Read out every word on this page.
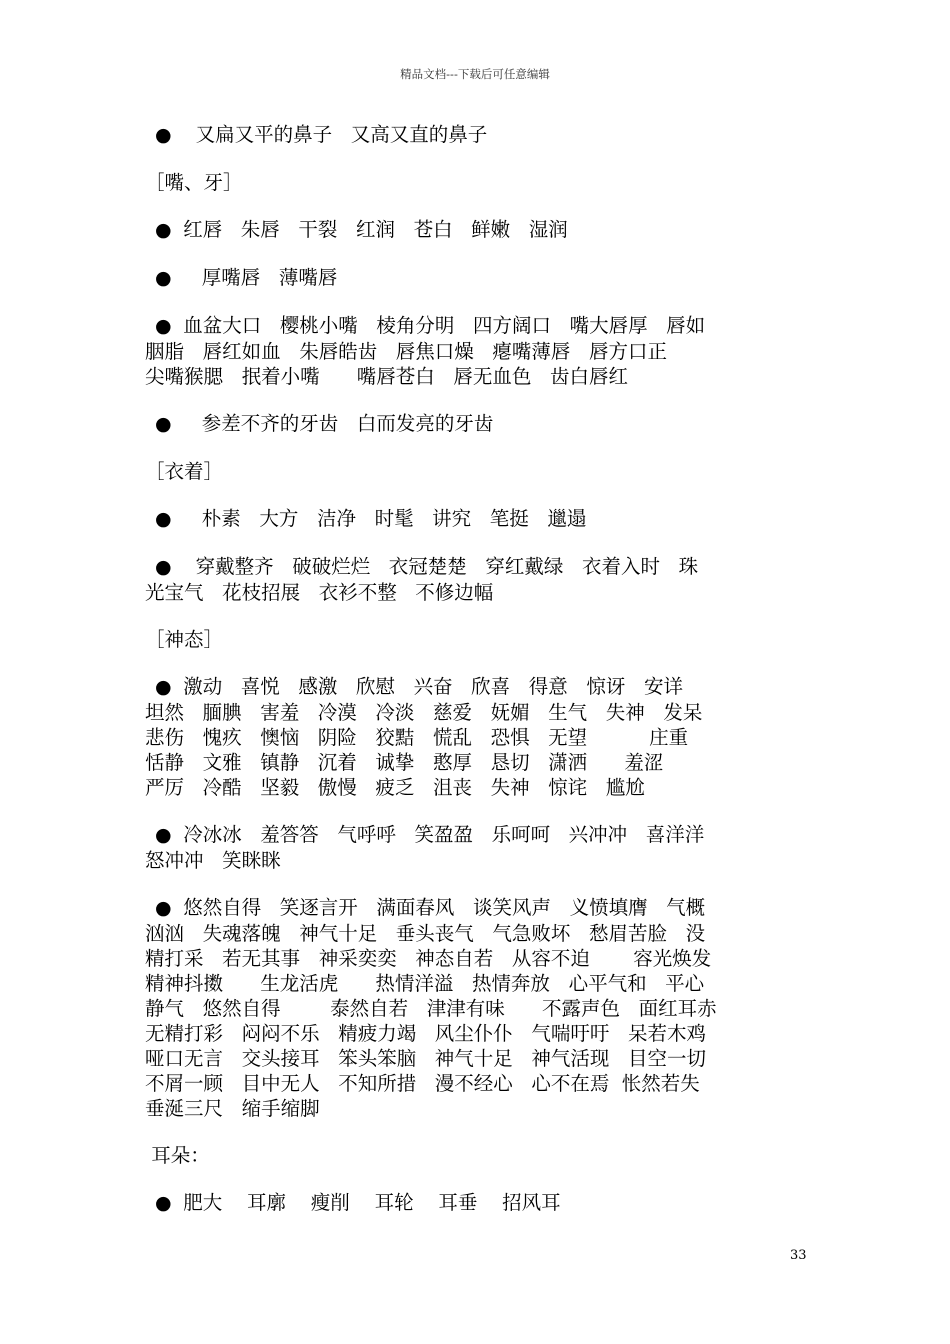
精品文档---下载后可任意编辑
●   又扁又平的鼻子   又高又直的鼻子
［嘴、牙］
● 红唇   朱唇   干裂   红润   苍白   鲜嫩   湿润
●    厚嘴唇   薄嘴唇
● 血盆大口   樱桃小嘴   棱角分明   四方阔口   嘴大唇厚   唇如
胭脂   唇红如血   朱唇皓齿   唇焦口燥   瘪嘴薄唇   唇方口正
尖嘴猴腮   抿着小嘴      嘴唇苍白   唇无血色   齿白唇红
●    参差不齐的牙齿   白而发亮的牙齿
［衣着］
●    朴素   大方   洁净   时髦   讲究   笔挺   邋遢
●   穿戴整齐   破破烂烂   衣冠楚楚   穿红戴绿   衣着入时   珠
光宝气   花枝招展   衣衫不整   不修边幅
［神态］
● 激动   喜悦   感激   欣慰   兴奋   欣喜   得意   惊讶   安详
坦然   腼腆   害羞   冷漠   冷淡   慈爱   妩媚   生气   失神   发呆
悲伤   愧疚   懊恼   阴险   狡黠   慌乱   恐惧   无望          庄重
恬静   文雅   镇静   沉着   诚挚   憨厚   恳切   潇洒      羞涩
严厉   冷酷   坚毅   傲慢   疲乏   沮丧   失神   惊诧   尴尬
● 冷冰冰   羞答答   气呼呼   笑盈盈   乐呵呵   兴冲冲   喜洋洋
怒冲冲   笑眯眯
● 悠然自得   笑逐言开   满面春风   谈笑风声   义愤填膺   气概
汹汹   失魂落魄   神气十足   垂头丧气   气急败坏   愁眉苦脸   没
精打采   若无其事   神采奕奕   神态自若   从容不迫       容光焕发
精神抖擞      生龙活虎      热情洋溢   热情奔放   心平气和   平心
静气   悠然自得        泰然自若   津津有味      不露声色   面红耳赤
无精打彩   闷闷不乐   精疲力竭   风尘仆仆   气喘吁吁   呆若木鸡
哑口无言   交头接耳   笨头笨脑   神气十足   神气活现   目空一切
不屑一顾   目中无人   不知所措   漫不经心   心不在焉  怅然若失
垂涎三尺   缩手缩脚
耳朵：
● 肥大    耳廓    瘦削    耳轮    耳垂    招风耳
33
